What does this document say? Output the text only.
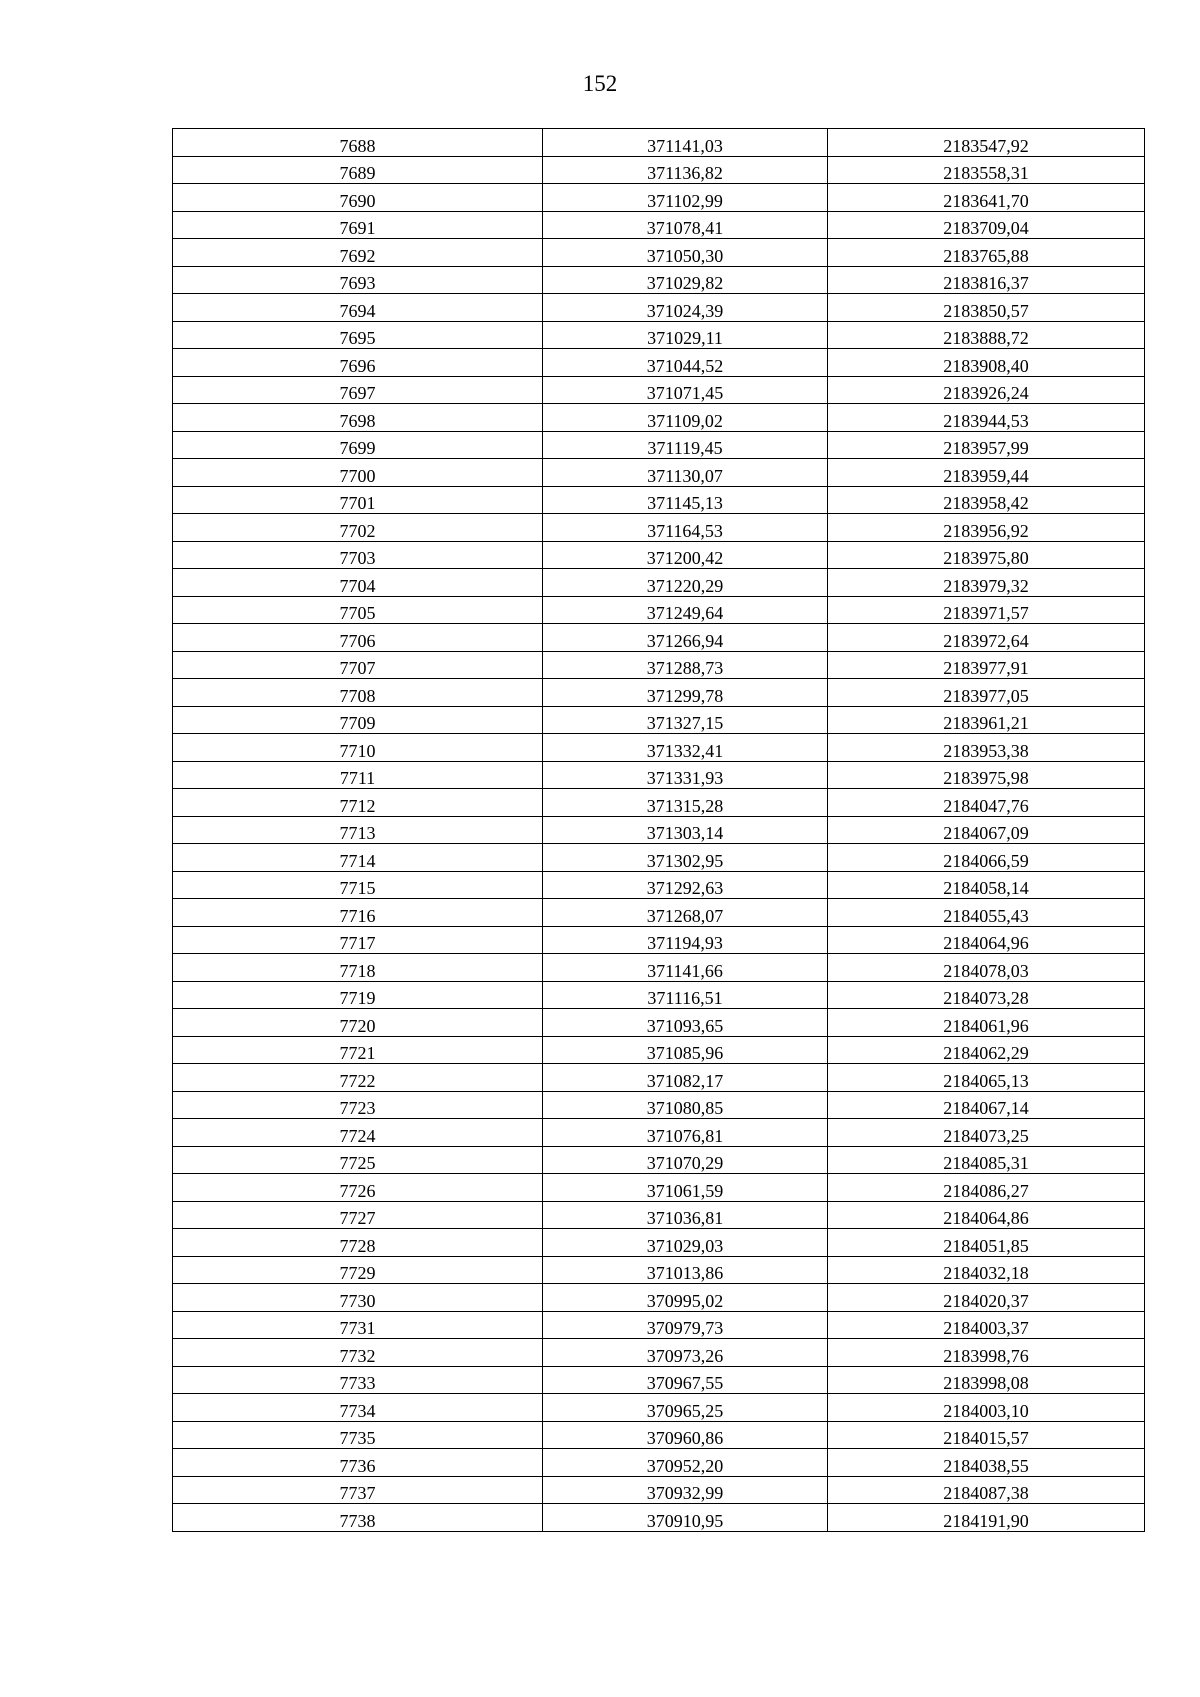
152
7688	371141,03	2183547,92
7689	371136,82	2183558,31
7690	371102,99	2183641,70
7691	371078,41	2183709,04
7692	371050,30	2183765,88
7693	371029,82	2183816,37
7694	371024,39	2183850,57
7695	371029,11	2183888,72
7696	371044,52	2183908,40
7697	371071,45	2183926,24
7698	371109,02	2183944,53
7699	371119,45	2183957,99
7700	371130,07	2183959,44
7701	371145,13	2183958,42
7702	371164,53	2183956,92
7703	371200,42	2183975,80
7704	371220,29	2183979,32
7705	371249,64	2183971,57
7706	371266,94	2183972,64
7707	371288,73	2183977,91
7708	371299,78	2183977,05
7709	371327,15	2183961,21
7710	371332,41	2183953,38
7711	371331,93	2183975,98
7712	371315,28	2184047,76
7713	371303,14	2184067,09
7714	371302,95	2184066,59
7715	371292,63	2184058,14
7716	371268,07	2184055,43
7717	371194,93	2184064,96
7718	371141,66	2184078,03
7719	371116,51	2184073,28
7720	371093,65	2184061,96
7721	371085,96	2184062,29
7722	371082,17	2184065,13
7723	371080,85	2184067,14
7724	371076,81	2184073,25
7725	371070,29	2184085,31
7726	371061,59	2184086,27
7727	371036,81	2184064,86
7728	371029,03	2184051,85
7729	371013,86	2184032,18
7730	370995,02	2184020,37
7731	370979,73	2184003,37
7732	370973,26	2183998,76
7733	370967,55	2183998,08
7734	370965,25	2184003,10
7735	370960,86	2184015,57
7736	370952,20	2184038,55
7737	370932,99	2184087,38
7738	370910,95	2184191,90
